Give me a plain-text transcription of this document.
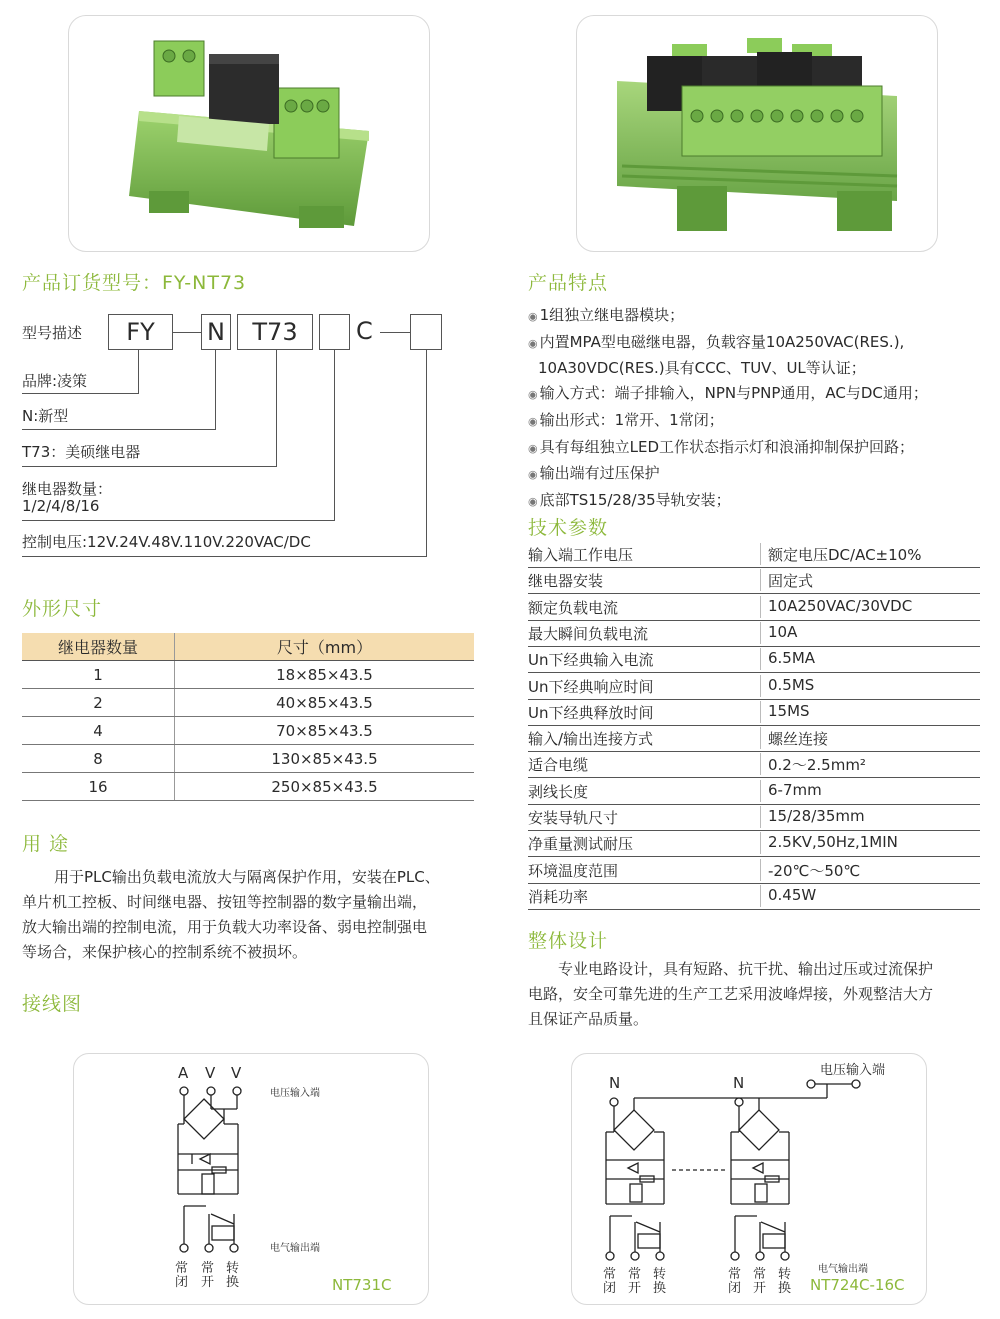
产品订货型号：FY-NT73
型号描述	FY	N	T73	C
品牌:凌策
N:新型
T73：美硕继电器
继电器数量：
1/2/4/8/16
控制电压:12V.24V.48V.110V.220VAC/DC
外形尺寸
继电器数量	尺寸（mm）
1	18×85×43.5
2	40×85×43.5
4	70×85×43.5
8	130×85×43.5
16	250×85×43.5
用 途
用于PLC输出负载电流放大与隔离保护作用，安装在PLC、
单片机工控板、时间继电器、按钮等控制器的数字量输出端，
放大输出端的控制电流，用于负载大功率设备、弱电控制强电
等场合，来保护核心的控制系统不被损坏。
接线图
产品特点
◉ 1组独立继电器模块；
◉ 内置MPA型电磁继电器，负载容量10A250VAC(RES.),
10A30VDC(RES.)具有CCC、TUV、UL等认证；
◉ 输入方式：端子排输入，NPN与PNP通用，AC与DC通用；
◉ 输出形式：1常开、1常闭；
◉ 具有每组独立LED工作状态指示灯和浪涌抑制保护回路；
◉ 输出端有过压保护
◉ 底部TS15/28/35导轨安装；
技术参数
输入端工作电压	额定电压DC/AC±10%
继电器安装	固定式
额定负载电流	10A250VAC/30VDC
最大瞬间负载电流	10A
Un下经典输入电流	6.5MA
Un下经典响应时间	0.5MS
Un下经典释放时间	15MS
输入/输出连接方式	螺丝连接
适合电缆	0.2～2.5mm²
剥线长度	6-7mm
安装导轨尺寸	15/28/35mm
净重量测试耐压	2.5KV,50Hz,1MIN
环境温度范围	-20℃～50℃
消耗功率	0.45W
整体设计
专业电路设计，具有短路、抗干扰、输出过压或过流保护
电路，安全可靠先进的生产工艺采用波峰焊接，外观整洁大方
且保证产品质量。
A V V
电压输入端
电气输出端
常闭
常开
转换	NT731C
N	N
电压输入端
电气输出端
常闭
常开
转换
常闭
常开
转换 NT724C-16C
